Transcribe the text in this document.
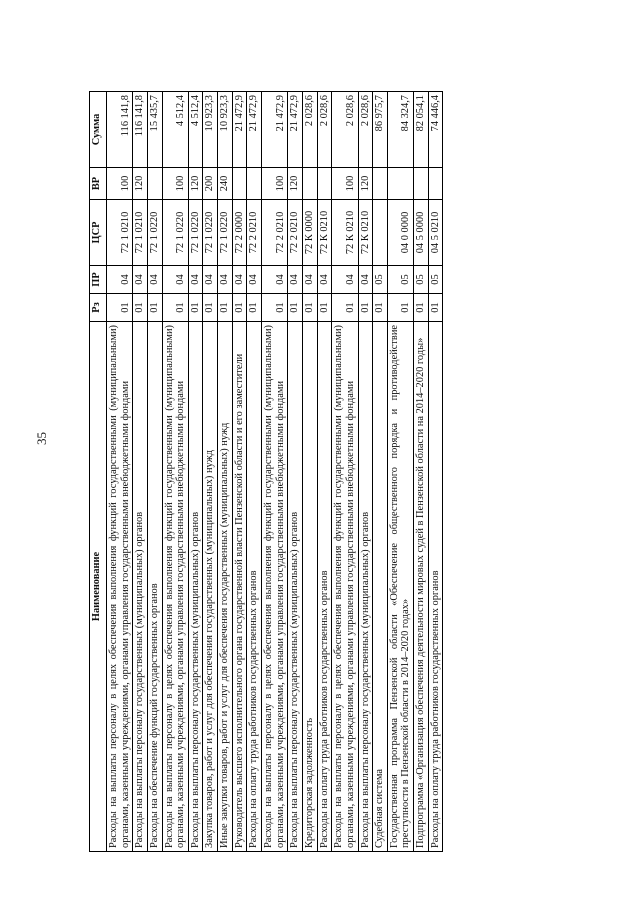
35
Наименование	Рз	ПР	ЦСР	ВР	Сумма
Расходы на выплаты персоналу в целях обеспечения выполнения функций государственными (муниципальными) органами, казенными учреждениями, органами управления государственными внебюджетными фондами	01	04	72 1 0210	100	116 141,8
Расходы на выплаты персоналу государственных (муниципальных) органов	01	04	72 1 0210	120	116 141,8
Расходы на обеспечение функций государственных органов	01	04	72 1 0220		15 435,7
Расходы на выплаты персоналу в целях обеспечения выполнения функций государственными (муниципальными) органами, казенными учреждениями, органами управления государственными внебюджетными фондами	01	04	72 1 0220	100	4 512,4
Расходы на выплаты персоналу государственных (муниципальных) органов	01	04	72 1 0220	120	4 512,4
Закупка товаров, работ и услуг для обеспечения государственных (муниципальных) нужд	01	04	72 1 0220	200	10 923,3
Иные закупки товаров, работ и услуг для обеспечения государственных (муниципальных) нужд	01	04	72 1 0220	240	10 923,3
Руководитель высшего исполнительного органа государственной власти Пензенской области и его заместители	01	04	72 2 0000		21 472,9
Расходы на оплату труда работников государственных органов	01	04	72 2 0210		21 472,9
Расходы на выплаты персоналу в целях обеспечения выполнения функций государственными (муниципальными) органами, казенными учреждениями, органами управления государственными внебюджетными фондами	01	04	72 2 0210	100	21 472,9
Расходы на выплаты персоналу государственных (муниципальных) органов	01	04	72 2 0210	120	21 472,9
Кредиторская задолженность	01	04	72 К 0000		2 028,6
Расходы на оплату труда работников государственных органов	01	04	72 К 0210		2 028,6
Расходы на выплаты персоналу в целях обеспечения выполнения функций государственными (муниципальными) органами, казенными учреждениями, органами управления государственными внебюджетными фондами	01	04	72 К 0210	100	2 028,6
Расходы на выплаты персоналу государственных (муниципальных) органов	01	04	72 К 0210	120	2 028,6
Судебная система	01	05			86 975,7
Государственная программа Пензенской области «Обеспечение общественного порядка и противодействие преступности в Пензенской области в 2014–2020 годах»	01	05	04 0 0000		84 324,7
Подпрограмма «Организация обеспечения деятельности мировых судей в Пензенской области на 2014–2020 годы»	01	05	04 5 0000		82 054,1
Расходы на оплату труда работников государственных органов	01	05	04 5 0210		74 446,4
